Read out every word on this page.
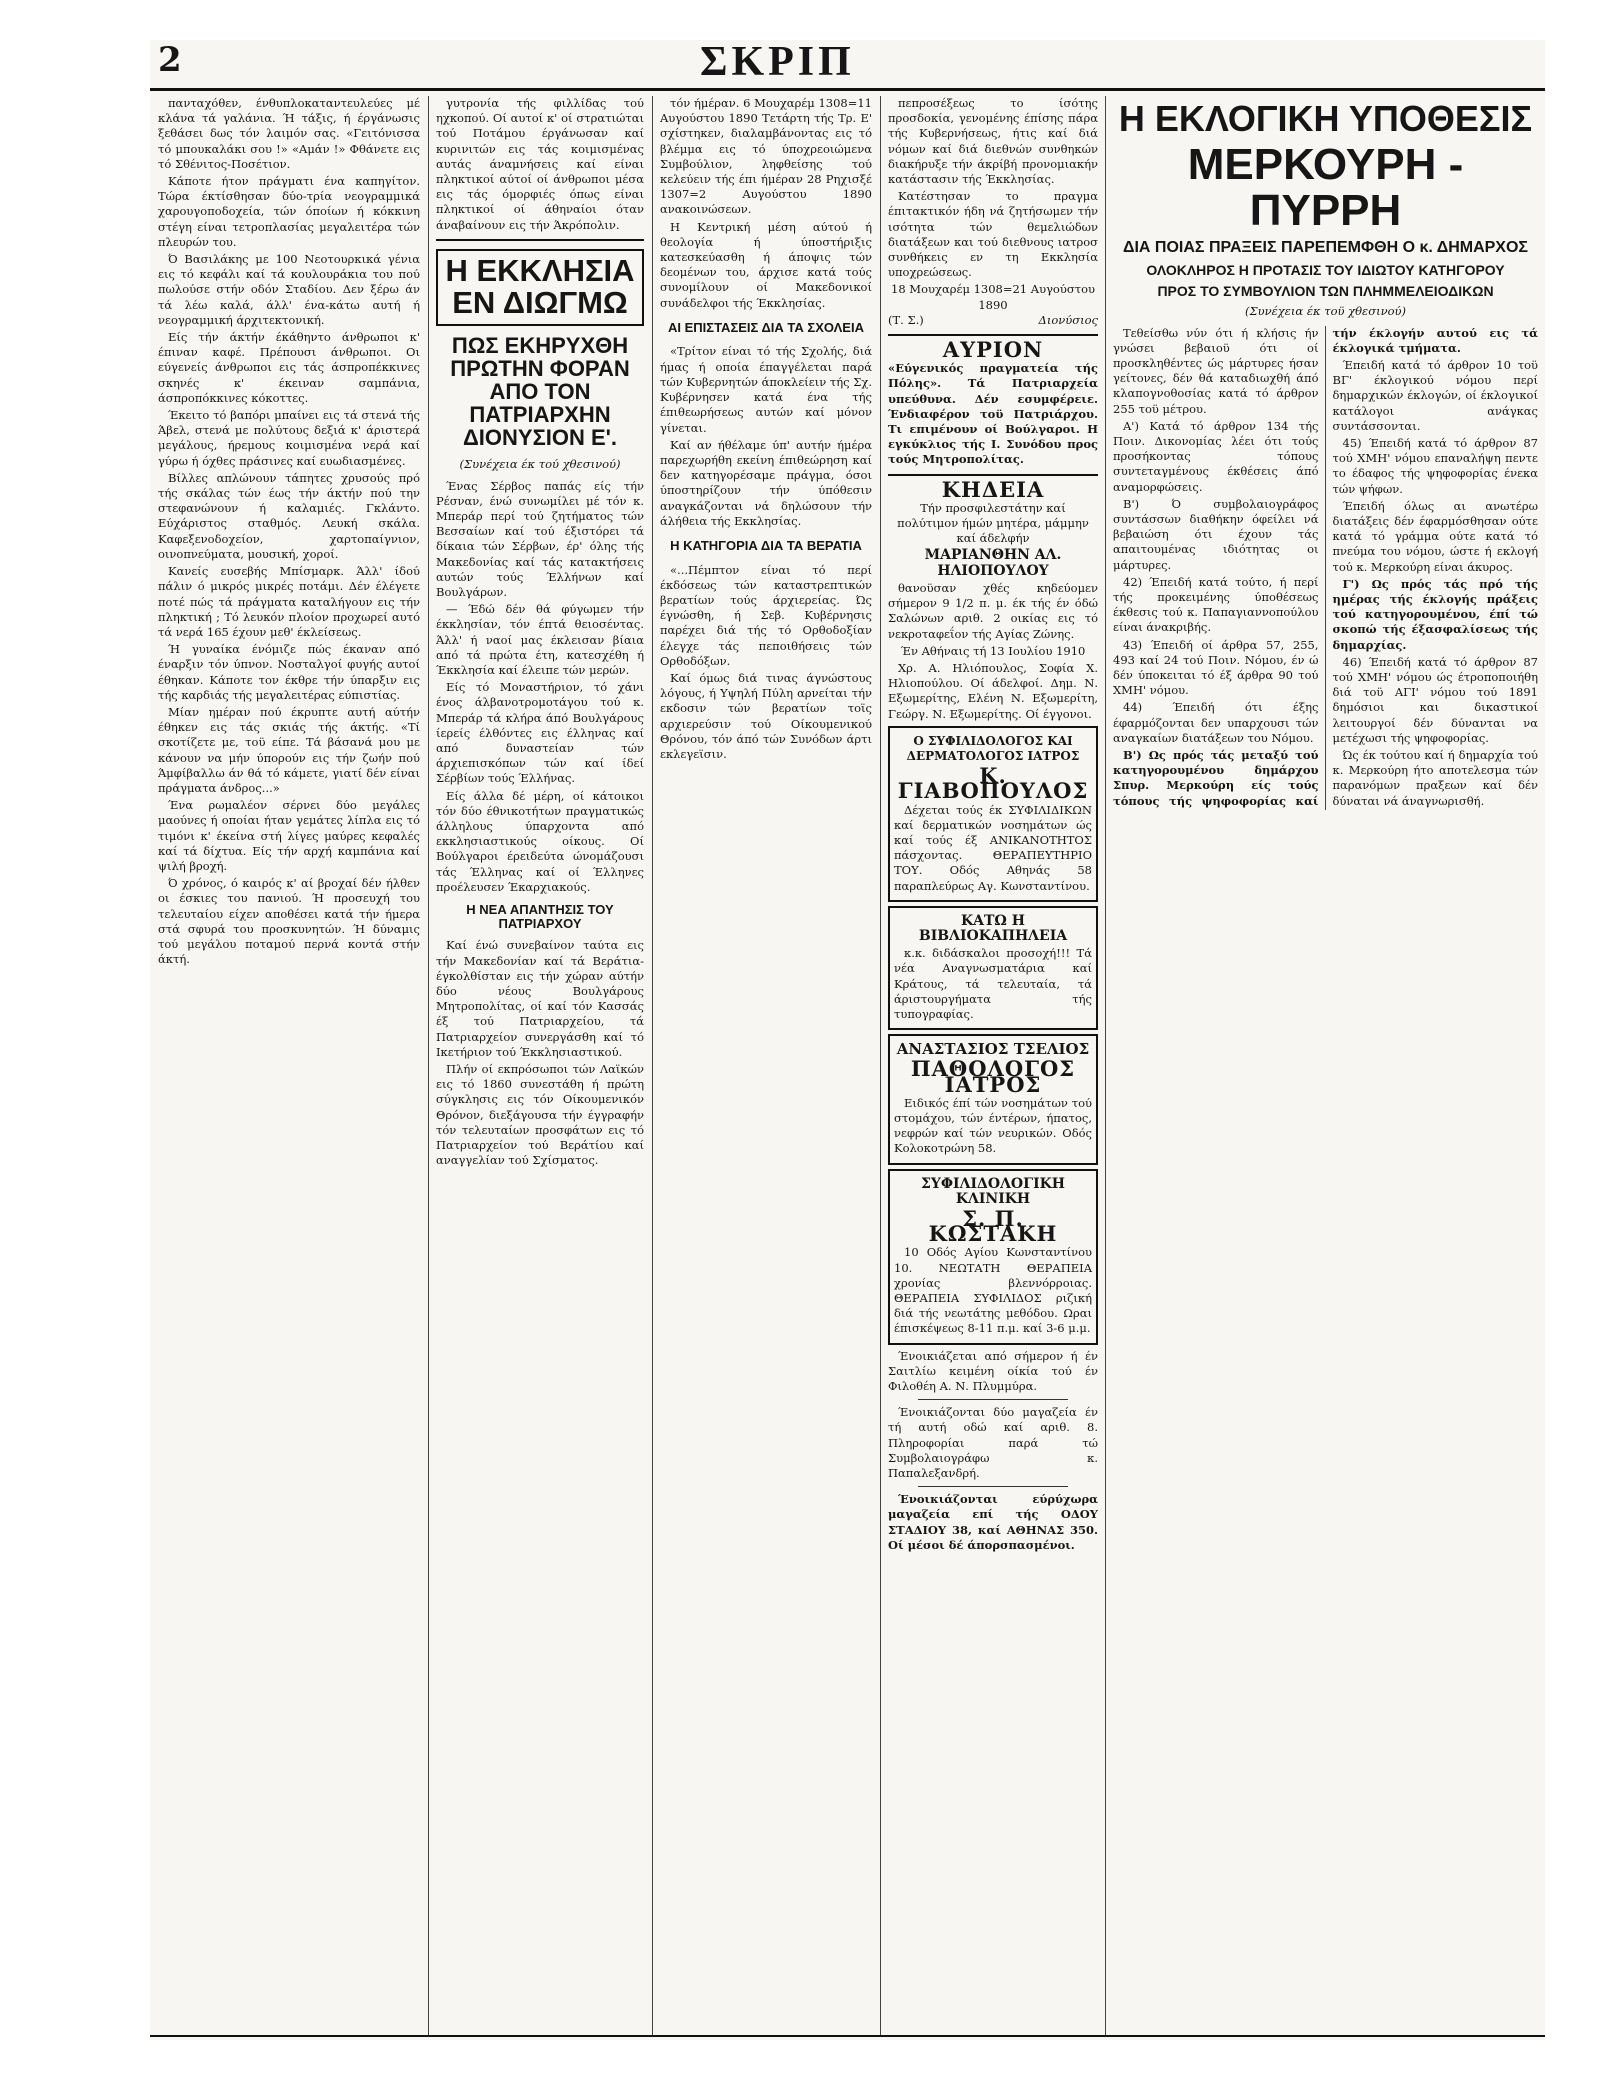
2	ΣΚΡΙΠ

πανταχόθεν, ένθυπλοκαταντευλεύες μέ κλάνα τά γαλάνια. Ή τάξις, ή έργάνωσις ξεθάσει δως τόν λαιμόν σας. «Γειτόνισσα τό μπουκαλάκι σου !» «Αμάν !» Φθάνετε εις τό Σθένιτος-Ποσέτιον.

Κάποτε ήτον πράγματι ένα καπηγίτον. Τώρα έκτίσθησαν δύο-τρία νεογραμμικά χαρουγοποδοχεία, τών όποίων ή κόκκινη στέγη είναι τετροπλασίας μεγαλειτέρα τών πλευρών του.

Ό Βασιλάκης με 100 Νεοτουρκικά γένια εις τό κεφάλι καί τά κουλουράκια του πού πωλούσε στήν οδόν Σταδίου. Δεν ξέρω άν τά λέω καλά, άλλ' ένα-κάτω αυτή ή νεογραμμική άρχιτεκτονική.

Είς τήν άκτήν έκάθηντο άνθρωποι κ' έπιναν καφέ. Πρέπουσι άνθρωποι. Οι εύγενείς άνθρωποι εις τάς άσπροπέκκινες σκηνές κ' έκειναν σαμπάνια, άσπροπόκκινες κόκοττες.

Έκειτο τό βαπόρι μπαίνει εις τά στενά τής Άβελ, στενά με πολύτους δεξιά κ' άριστερά μεγάλους, ήρεμους κοιμισμένα νερά καί γύρω ή όχθες πράσινες καί ευωδιασμένες.

Βίλλες απλώνουν τάπητες χρυσούς πρό τής σκάλας τών έως τήν άκτήν πού την στεφανώνουν ή καλαμιές. Γκλάντο. Εύχάριστος σταθμός. Λευκή σκάλα. Καφεξενοδοχείον, χαρτοπαίγνιον, οινοπνεύματα, μουσική, χοροί.

Κανείς ευσεβής Μπίσμαρκ. Άλλ' ίδού πάλιν ό μικρός μικρές ποτάμι. Δέν έλέγετε ποτέ πώς τά πράγματα καταλήγουν εις τήν πληκτική ; Τό λευκόν πλοίον προχωρεί αυτό τά νερά 165 έχουν μεθ' έκλείσεως.

Ή γυναίκα ένόμιζε πώς έκαναν από έναρξιν τόν ύπνον. Νοσταλγοί φυγής αυτοί έθηκαν. Κάποτε τον έκθρε τήν ύπαρξιν εις τής καρδιάς τής μεγαλειτέρας εύπιστίας.

Μίαν ημέραν πού έκρυπτε αυτή αύτήν έθηκεν εις τάς σκιάς τής άκτής. «Τί σκοτίζετε με, τοϋ είπε. Τά βάσανά μου με κάνουν να μήν ύπορούν εις τήν ζωήν πού Άμφίβαλλω άν θά τό κάμετε, γιατί δέν είναι πράγματα άνδρος...»

Ένα ρωμαλέον σέρνει δύο μεγάλες μαούνες ή οποίαι ήταν γεμάτες λίπλα εις τό τιμόνι κ' έκείνα στή λίγες μαύρες κεφαλές καί τά δίχτυα. Είς τήν αρχή καμπάνια καί ψιλή βροχή.

Ό χρόνος, ό καιρός κ' αί βροχαί δέν ήλθεν οι έσκιες του πανιού. Ή προσευχή του τελευταίου είχεν αποθέσει κατά τήν ήμερα στά σφυρά του προσκυνητών. Ή δύναμις τού μεγάλου ποταμού περνά κοντά στήν άκτή.

γυτρονία τής φιλλίδας τού ηχκοπού. Οί αυτοί κ' οί στρατιώται τού Ποτάμου έργάνωσαν καί κυρινιτών εις τάς κοιμισμένας αυτάς άναμνήσεις καί είναι πληκτικοί αύτοί οί άνθρωποι μέσα εις τάς όμορφιές όπως είναι πληκτικοί οί άθηναίοι όταν άναβαίνουν εις τήν Άκρόπολιν.

Η ΕΚΚΛΗΣΙΑ ΕΝ ΔΙΩΓΜΩ
ΠΩΣ ΕΚΗΡΥΧΘΗ ΠΡΩΤΗΝ ΦΟΡΑΝ ΑΠΟ ΤΟΝ ΠΑΤΡΙΑΡΧΗΝ ΔΙΟΝΥΣΙΟΝ Ε'.
(Συνέχεια έκ τού χθεσινού)

Ένας Σέρβος παπάς είς τήν Ρέσναν, ένώ συνωμίλει μέ τόν κ. Μπεράρ περί τού ζητήματος τών Βεσσαίων καί τού έξιστόρει τά δίκαια τών Σέρβων, έρ' όλης τής Μακεδονίας καί τάς κατακτήσεις αυτών τούς Έλλήνων καί Βουλγάρων.

— Έδώ δέν θά φύγωμεν τήν έκκλησίαν, τόν έπτά θειοσέντας. Άλλ' ή ναοί μας έκλεισαν βίαια από τά πρώτα έτη, κατεσχέθη ή Έκκλησία καί έλειπε τών μερών.

Είς τό Μοναστήριον, τό χάνι ένος άλβανοτρομοτάγου τού κ. Μπεράρ τά κλήρα άπό Βουλγάρους ίερείς έλθόντες εις έλληνας καί από δυναστείαν τών άρχιεπισκόπων τών καί ίδεί Σέρβίων τούς Έλλήνας.

Είς άλλα δέ μέρη, οί κάτοικοι τόν δύο έθνικοτήτων πραγματικώς άλληλους ύπαρχοντα από εκκλησιαστικούς οίκους. Οί Βούλγαροι έρειδεύτα ώνομάζουσι τάς Έλληνας καί οί Έλληνες προέλευσεν Έκαρχιακούς.

Η ΝΕΑ ΑΠΑΝΤΗΣΙΣ ΤΟΥ ΠΑΤΡΙΑΡΧΟΥ

Καί ένώ συνεβαίνον ταύτα εις τήν Μακεδονίαν καί τά Βεράτια-έγκολθίσταν εις τήν χώραν αύτήν δύο νέους Βουλγάρους Μητροπολίτας, οί καί τόν Κασσάς έξ τού Πατριαρχείου, τά Πατριαρχείον συνεργάσθη καί τό Ικετήριον τού Έκκλησιαστικού.

Πλήν οί εκπρόσωποι τών Λαϊκών εις τό 1860 συνεστάθη ή πρώτη σύγκλησις εις τόν Οίκουμενικόν Θρόνον, διεξάγουσα τήν έγγραφήν τόν τελευταίων προσφάτων εις τό Πατριαρχείον τού Βεράτίου καί αναγγελίαν τού Σχίσματος.

τόν ήμέραν. 6 Μουχαρέμ 1308=11 Αυγούστου 1890 Τετάρτη τής Τρ. Ε' σχίστηκεν, διαλαμβάνοντας εις τό βλέμμα εις τό ύποχρεοιώμενα Συμβούλιον, ληφθείσης τού κελεύειν τής έπι ήμέραν 28 Ρηχισξέ 1307=2 Αυγούστου 1890 ανακοινώσεων.

Η Κεντρική μέση αύτού ή θεολογία ή ύποστήριξις κατεσκεύασθη ή άποψις τών δεομένων του, άρχισε κατά τούς συνομίλουν οί Μακεδονικοί συνάδελφοι τής Έκκλησίας.

ΑΙ ΕΠΙΣΤΑΣΕΙΣ ΔΙΑ ΤΑ ΣΧΟΛΕΙΑ

«Τρίτον είναι τό τής Σχολής, διά ήμας ή οποία έπαγγέλεται παρά τών Κυβερνητών άποκλείειν τής Σχ. Κυβέρνησεν κατά ένα τής έπιθεωρήσεως αυτών καί μόνον γίνεται.

Καί αν ήθέλαμε ύπ' αυτήν ήμέρα παρεχωρήθη εκείνη έπιθεώρηση καί δεν κατηγορέσαμε πράγμα, όσοι ύποστηρίζουν τήν ύπόθεσιν αναγκάζονται νά δηλώσουν τήν άλήθεια τής Εκκλησίας.

Η ΚΑΤΗΓΟΡΙΑ ΔΙΑ ΤΑ ΒΕΡΑΤΙΑ

«...Πέμπτον είναι τό περί έκδόσεως τών καταστρεπτικών βερατίων τούς άρχιερείας. Ώς έγνώσθη, ή Σεβ. Κυβέρνησις παρέχει διά τής τό Ορθοδοξίαν έλεγχε τάς πεποιθήσεις τών Ορθοδόξων.

Καί όμως διά τινας άγνώστους λόγους, ή Υψηλή Πύλη αρνείται τήν εκδοσιν τών βερατίων τοϊς αρχιερεύσιν τού Οίκουμενικού Θρόνου, τόν άπό τών Συνόδων άρτι εκλεγεϊσιν.

πεπροσέξεως το ίσότης προσδοκία, γενομένης έπίσης πάρα τής Κυβερνήσεως, ήτις καί διά νόμων καί διά διεθνών συνθηκών διακήρυξε τήν άκρίβή προνομιακήν κατάστασιν τής Έκκλησίας.

Κατέστησαν το πραγμα έπιτακτικόν ήδη νά ζητήσωμεν τήν ισότητα τών θεμελιώδων διατάξεων και τού διεθνους ιατροσ συνθήκεις εν τη Εκκλησία υποχρεώσεως.

18 Μουχαρέμ 1308=21 Αυγούστου 1890
(Τ. Σ.)	Διονύσιος
ΑΥΡΙΟΝ

«Εύγενικός πραγματεία τής Πόλης». Τά Πατριαρχεία υπεύθυνα. Δέν εσυμφέρειε. Ένδιαφέρον τοϋ Πατριάρχου. Τι επιμένουν οί Βούλγαροι. Η εγκύκλιος τής Ι. Συνόδου προς τούς Μητροπολίτας.

ΚΗΔΕΙΑ

Τήν προσφιλεστάτην καί πολύτιμον ήμών μητέρα, μάμμην καί άδελφήν

ΜΑΡΙΑΝΘΗΝ ΑΛ. ΗΛΙΟΠΟΥΛΟΥ

θανοϋσαν χθές κηδεύομεν σήμερον 9 1/2 π. μ. έκ τής έν όδώ Σαλώνων αριθ. 2 οικίας εις τό νεκροταφεΐον τής Αγίας Ζώνης.

Έν Αθήναις τή 13 Ιουλίου 1910

Χρ. Α. Ηλιόπουλος, Σοφία Χ. Ηλιοπούλου. Οί άδελφοί. Δημ. Ν. Εξωμερίτης, Ελένη Ν. Εξωμερίτη, Γεώργ. Ν. Εξωμερίτης. Οί έγγονοι.

Ο ΣΥΦΙΛΙΔΟΛΟΓΟΣ ΚΑΙ ΔΕΡΜΑΤΟΛΟΓΟΣ ΙΑΤΡΟΣ
Κ. ΓΙΑΒΟΠΟΥΛΟΣ

Δέχεται τούς έκ ΣΥΦΙΛΙΔΙΚΩΝ καί δερματικών νοσημάτων ώς καί τούς έξ ΑΝΙΚΑΝΟΤΗΤΟΣ πάσχοντας. ΘΕΡΑΠΕΥΤΗΡΙΟ ΤΟΥ. Οδός Αθηνάς 58 παραπλεύρως Αγ. Κωνσταντίνου.

ΚΑΤΩ Η ΒΙΒΛΙΟΚΑΠΗΛΕΙΑ

κ.κ. διδάσκαλοι προσοχή!!! Τά νέα Αναγνωσματάρια καί Κράτους, τά τελευταία, τά άριστουργήματα τής τυπογραφίας.

ΑΝΑΣΤΑΣΙΟΣ ΤΣΕΛΙΟΣ
ΠΑΘΟΛΟΓΟΣ ΙΑΤΡΟΣ

Ειδικός έπί τών νοσημάτων τού στομάχου, τών έντέρων, ήπατος, νεφρών καί τών νευρικών. Οδός Κολοκοτρώνη 58.

ΣΥΦΙΛΙΔΟΛΟΓΙΚΗ ΚΛΙΝΙΚΗ
Σ. Π. ΚΩΣΤΑΚΗ

10 Οδός Αγίου Κωνσταντίνου 10. ΝΕΩΤΑΤΗ ΘΕΡΑΠΕΙΑ χρονίας βλεννόρροιας. ΘΕΡΑΠΕΙΑ ΣΥΦΙΛΙΔΟΣ ριζική διά τής νεωτάτης μεθόδου. Ωραι έπισκέψεως 8-11 π.μ. καί 3-6 μ.μ.

Ένοικιάζεται από σήμερον ή έν Σαιτλίω κειμένη οίκία τού έν Φιλοθέη Α. Ν. Πλυμμύρα.

Ένοικιάζονται δύο μαγαζεία έν τή αυτή οδώ καί αριθ. 8. Πληροφορίαι παρά τώ Συμβολαιογράφω κ. Παπαλεξανδρή.

Ένοικιάζονται εύρύχωρα μαγαζεία επί τής ΟΔΟΥ ΣΤΑΔΙΟΥ 38, καί ΑΘΗΝΑΣ 350. Οί μέσοι δέ άπορσπασμένοι.

Η ΕΚΛΟΓΙΚΗ ΥΠΟΘΕΣΙΣ
ΜΕΡΚΟΥΡΗ - ΠΥΡΡΗ
ΔΙΑ ΠΟΙΑΣ ΠΡΑΞΕΙΣ ΠΑΡΕΠΕΜΦΘΗ Ο κ. ΔΗΜΑΡΧΟΣ
ΟΛΟΚΛΗΡΟΣ Η ΠΡΟΤΑΣΙΣ ΤΟΥ ΙΔΙΩΤΟΥ ΚΑΤΗΓΟΡΟΥ
ΠΡΟΣ ΤΟ ΣΥΜΒΟΥΛΙΟΝ ΤΩΝ ΠΛΗΜΜΕΛΕΙΟΔΙΚΩΝ
(Συνέχεια έκ τοϋ χθεσινού)

Τεθείσθω νύν ότι ή κλήσις ήν γνώσει βεβαιοϋ ότι οί προσκληθέντες ώς μάρτυρες ήσαν γείτονες, δέν θά καταδιωχθή άπό κλαπογνοθοσίας κατά τό άρθρον 255 τοϋ μέτρου.

Α') Κατά τό άρθρον 134 τής Ποιν. Δικονομίας λέει ότι τούς προσήκοντας τόπους συντεταγμένους έκθέσεις άπό αναμορφώσεις.

Β') Ό συμβολαιογράφος συντάσσων διαθήκην όφείλει νά βεβαιώση ότι έχουν τάς απαιτουμένας ιδιότητας οι μάρτυρες.

42) Έπειδή κατά τούτο, ή περί τής προκειμένης ύποθέσεως έκθεσις τού κ. Παπαγιαννοπούλου είναι άνακριβής.

43) Έπειδή οί άρθρα 57, 255, 493 καί 24 τού Ποιν. Νόμου, έν ώ δέν ύποκειται τό έξ άρθρα 90 τού ΧΜΗ' νόμου.

44) Έπειδή ότι έξης έφαρμόζονται δεν υπαρχουσι τών αναγκαίων διατάξεων του Νόμου.

Β') Ως πρός τάς μεταξύ τού κατηγορουμένου δημάρχου Σπυρ. Μερκούρη είς τούς τόπους τής ψηφοφορίας καί τήν έκλογήν αυτού εις τά έκλογικά τμήματα.

Έπειδή κατά τό άρθρον 10 τοϋ ΒΓ' έκλογικού νόμου περί δημαρχικών έκλογών, οί έκλογικοί κατάλογοι ανάγκας συντάσσονται.

45) Έπειδή κατά τό άρθρον 87 τού ΧΜΗ' νόμου επαναλήψη πεντε το έδαφος τής ψηφοφορίας ένεκα τών ψήφων.

Έπειδή όλως αι ανωτέρω διατάξεις δέν έφαρμόσθησαν ούτε κατά τό γράμμα ούτε κατά τό πνεύμα του νόμου, ώστε ή εκλογή τού κ. Μερκούρη είναι άκυρος.

Γ') Ως πρός τάς πρό τής ημέρας τής έκλογής πράξεις τού κατηγορουμένου, έπί τώ σκοπώ τής έξασφαλίσεως τής δημαρχίας.

46) Έπειδή κατά τό άρθρον 87 τού ΧΜΗ' νόμου ώς έτροποποιήθη διά τοϋ ΑΓΙ' νόμου τού 1891 δημόσιοι και δικαστικοί λειτουργοί δέν δύνανται να μετέχωσι τής ψηφοφορίας.

Ώς έκ τούτου καί ή δημαρχία τού κ. Μερκούρη ήτο αποτελεσμα τών παρανόμων πραξεων καί δέν δύναται νά άναγνωρισθή.
